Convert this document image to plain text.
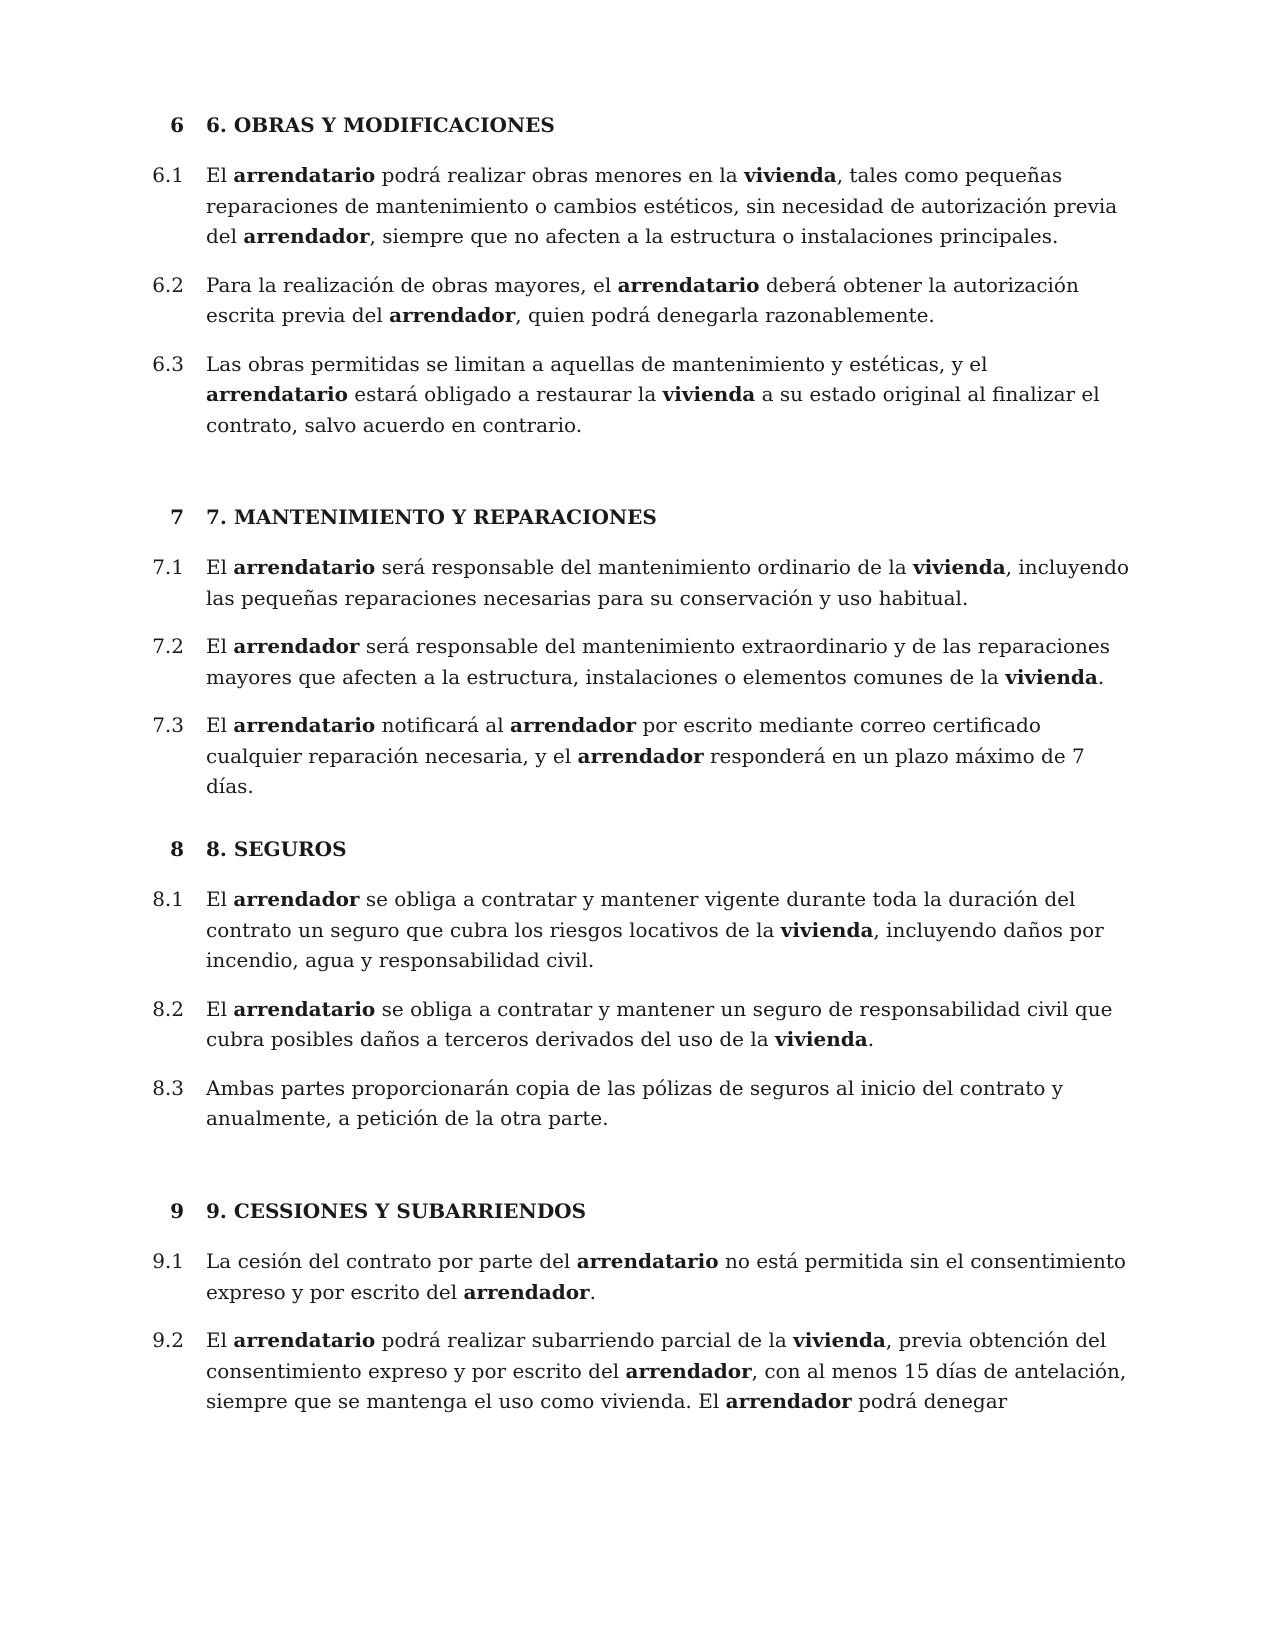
6 6. OBRAS Y MODIFICACIONES
6.1 El arrendatario podrá realizar obras menores en la vivienda, tales como pequeñas reparaciones de mantenimiento o cambios estéticos, sin necesidad de autorización previa del arrendador, siempre que no afecten a la estructura o instalaciones principales.
6.2 Para la realización de obras mayores, el arrendatario deberá obtener la autorización escrita previa del arrendador, quien podrá denegarla razonablemente.
6.3 Las obras permitidas se limitan a aquellas de mantenimiento y estéticas, y el arrendatario estará obligado a restaurar la vivienda a su estado original al finalizar el contrato, salvo acuerdo en contrario.
7 7. MANTENIMIENTO Y REPARACIONES
7.1 El arrendatario será responsable del mantenimiento ordinario de la vivienda, incluyendo las pequeñas reparaciones necesarias para su conservación y uso habitual.
7.2 El arrendador será responsable del mantenimiento extraordinario y de las reparaciones mayores que afecten a la estructura, instalaciones o elementos comunes de la vivienda.
7.3 El arrendatario notificará al arrendador por escrito mediante correo certificado cualquier reparación necesaria, y el arrendador responderá en un plazo máximo de 7 días.
8 8. SEGUROS
8.1 El arrendador se obliga a contratar y mantener vigente durante toda la duración del contrato un seguro que cubra los riesgos locativos de la vivienda, incluyendo daños por incendio, agua y responsabilidad civil.
8.2 El arrendatario se obliga a contratar y mantener un seguro de responsabilidad civil que cubra posibles daños a terceros derivados del uso de la vivienda.
8.3 Ambas partes proporcionarán copia de las pólizas de seguros al inicio del contrato y anualmente, a petición de la otra parte.
9 9. CESSIONES Y SUBARRIENDOS
9.1 La cesión del contrato por parte del arrendatario no está permitida sin el consentimiento expreso y por escrito del arrendador.
9.2 El arrendatario podrá realizar subarriendo parcial de la vivienda, previa obtención del consentimiento expreso y por escrito del arrendador, con al menos 15 días de antelación, siempre que se mantenga el uso como vivienda. El arrendador podrá denegar
